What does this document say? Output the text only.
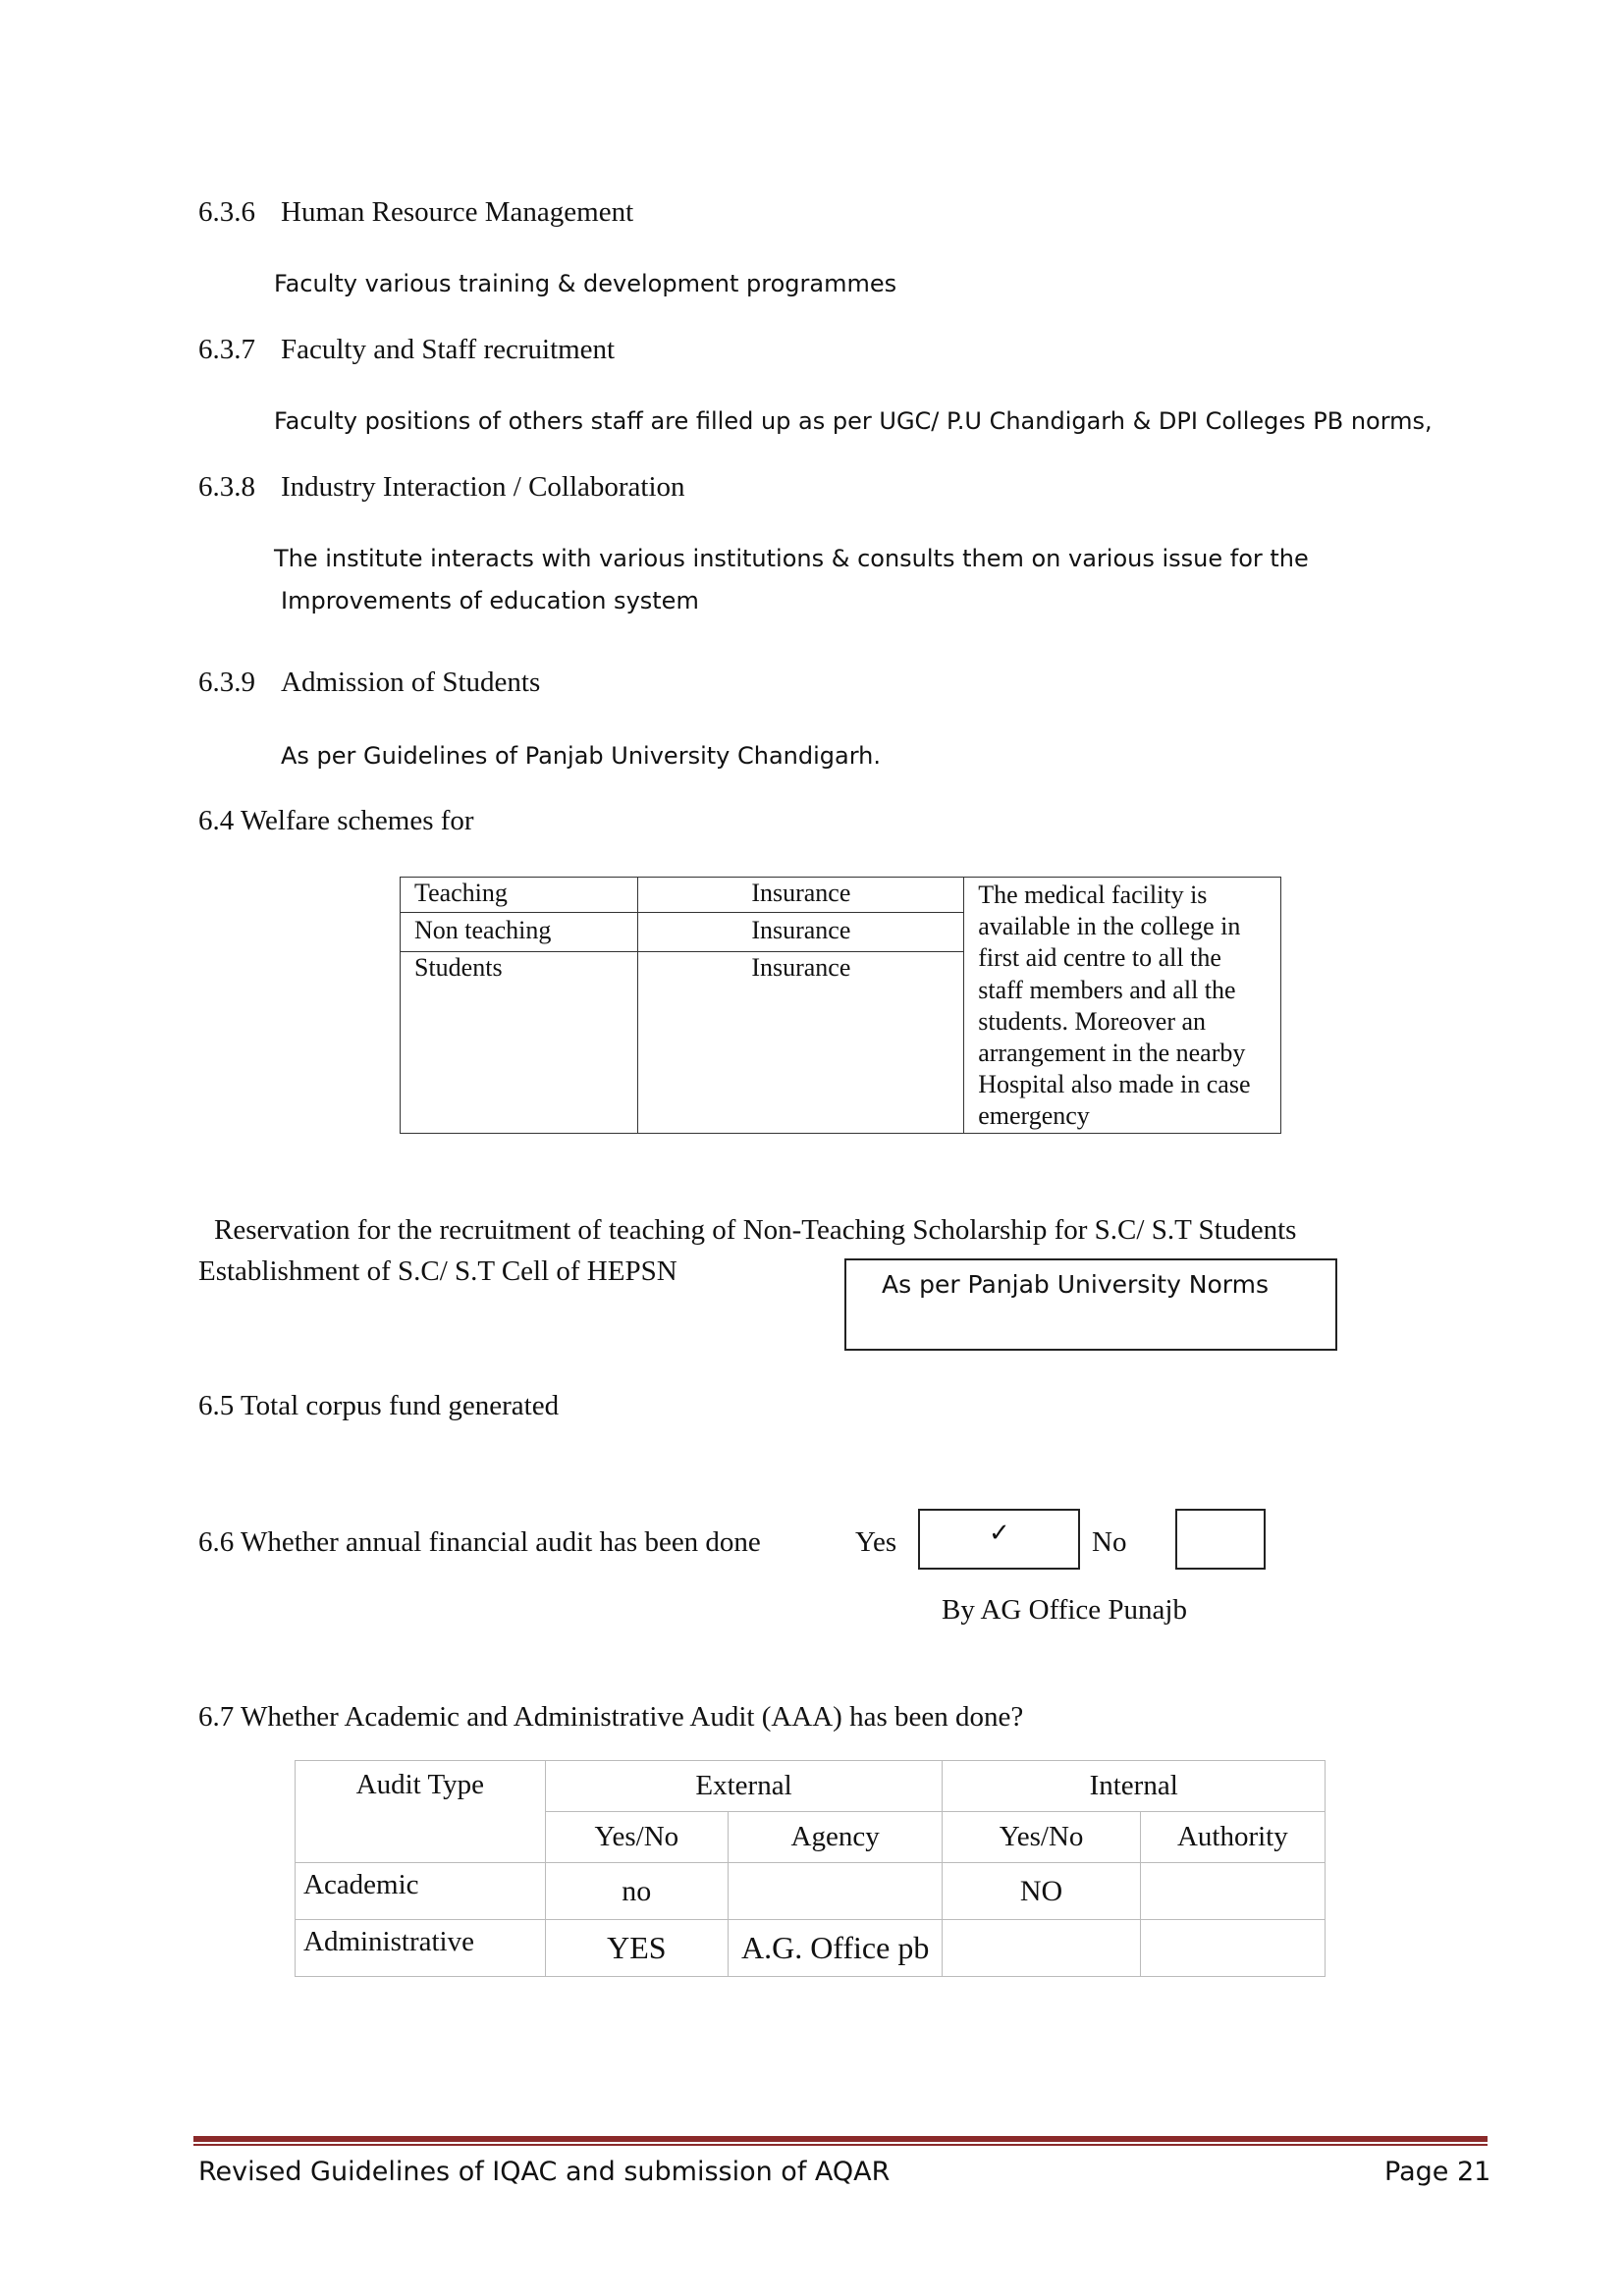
6.3.6 Human Resource Management
Faculty various training & development programmes
6.3.7 Faculty and Staff recruitment
Faculty positions of others staff are filled up as per UGC/ P.U Chandigarh & DPI Colleges PB norms,
6.3.8 Industry Interaction / Collaboration
The institute interacts with various institutions & consults them on various issue for the
Improvements of education system
6.3.9 Admission of Students
As per Guidelines of Panjab University Chandigarh.
6.4 Welfare schemes for
Teaching	Insurance	The medical facility is available in the college in first aid centre to all the staff members and all the students. Moreover an arrangement in the nearby Hospital also made in case emergency
Non teaching	Insurance	
Students	Insurance	
Reservation for the recruitment of teaching of Non-Teaching Scholarship for S.C/ S.T Students
Establishment of S.C/ S.T Cell of HEPSN	As per Panjab University Norms
6.5 Total corpus fund generated
6.6 Whether annual financial audit has been done	Yes	✓	No
By AG Office Punajb
6.7 Whether Academic and Administrative Audit (AAA) has been done?
Audit Type	External		Internal	
	Yes/No	Agency	Yes/No	Authority
Academic	no		NO	
Administrative	YES	A.G. Office pb		
Revised Guidelines of IQAC and submission of AQAR	Page 21
